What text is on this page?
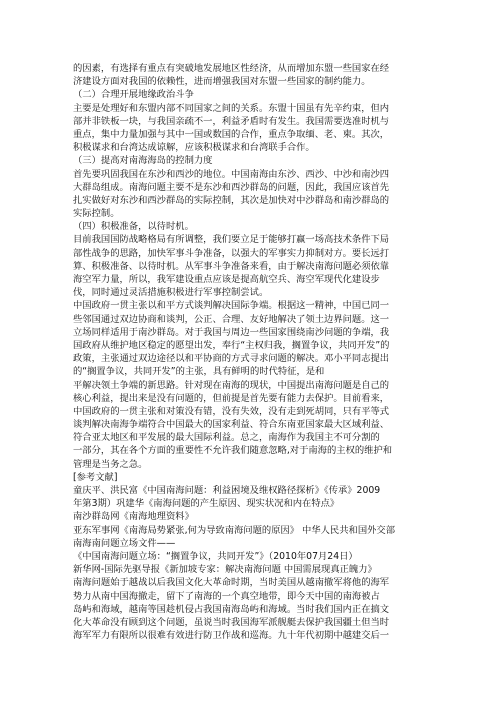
的因素，有选择有重点有突破地发展地区性经济，从而增加东盟一些国家在经
济建设方面对我国的依赖性，进而增强我国对东盟一些国家的制约能力。
（二）合理开展地缘政治斗争
主要是处理好和东盟内部不同国家之间的关系。东盟十国虽有先辛约束，但内
部并非铁板一块，与我国亲疏不一，利益矛盾时有发生。我国需要选准时机与
重点，集中力量加强与其中一国或数国的合作，重点争取缅、老、柬。其次，
积极谋求和台湾达成谅解，应该积极谋求和台湾联手合作。
（三）提高对南海海岛的控制力度
首先要巩固我国在东沙和西沙的地位。中国南海由东沙、西沙、中沙和南沙四
大群岛组成。南海问题主要不是东沙和西沙群岛的问题，因此，我国应该首先
扎实做好对东沙和西沙群岛的实际控制，其次是加快对中沙群岛和南沙群岛的
实际控制。
（四）积极准备，以待时机。
目前我国国防战略格局有所调整，我们要立足于能够打赢一场高技术条件下局
部性战争的思路，加快军事斗争准备，以强大的军事实力抑制对方。要长远打
算、积极准备、以待时机。从军事斗争准备来看，由于解决南海问题必须依靠
海空军力量，所以，我军建设重点应该是提高航空兵、海空军现代化建设步
伐，同时通过灵活措施积极进行军事控制尝试。
中国政府一贯主张以和平方式谈判解决国际争端。根据这一精神，中国已同一
些邻国通过双边协商和谈判，公正、合理、友好地解决了领土边界问题。这一
立场同样适用于南沙群岛。对于我国与周边一些国家围绕南沙问题的争端，我
国政府从维护地区稳定的愿望出发，奉行“主权归我，搁置争议，共同开发”的
政策，主张通过双边途径以和平协商的方式寻求问题的解决。邓小平同志提出
的“搁置争议，共同开发”的主张，具有鲜明的时代特征，是和
平解决领土争端的新思路。针对现在南海的现状，中国提出南海问题是自己的
核心利益，提出来是没有问题的，但前提是首先要有能力去保护。目前看来，
中国政府的一贯主张和对策没有错，没有失效，没有走到死胡同，只有平等式
谈判解决南海争端符合中国最大的国家利益、符合东南亚国家最大区域利益、
符合亚太地区和平发展的最大国际利益。总之，南海作为我国主不可分割的
一部分，其在各个方面的重要性不允许我们随意忽略,对于南海的主权的维护和
管理是当务之急。
[参考文献]
童庆平、洪民富《中国南海问题：利益困境及维权路径探析》《传承》2009
年第3期）巩建华《南海问题的产生原因、现实状况和内在特点》
南沙群岛网《南海地理资料》
亚东军事网《南海局势紧张,何为导致南海问题的原因》 中华人民共和国外交部
南海南问题立场文件——
《中国南海问题立场：“搁置争议，共同开发”》（2010年07月24日）
新华网-国际先驱导报《新加坡专家：解决南海问题 中国需展现真正魄力》
南海问题始于越战以后我国文化大革命时期，当时美国从越南撤军将他的海军
势力从南中国海撤走，留下了南海的一个真空地带，即今天中国的南海被占
岛屿和海域，越南等国趁机侵占我国南海岛屿和海域。当时我们国内正在搞文
化大革命没有顾到这个问题，虽说当时我国海军派舰艇去保护我国疆土但当时
海军军力有限所以很难有效进行防卫作战和巡海。九十年代初期中越建交后一
